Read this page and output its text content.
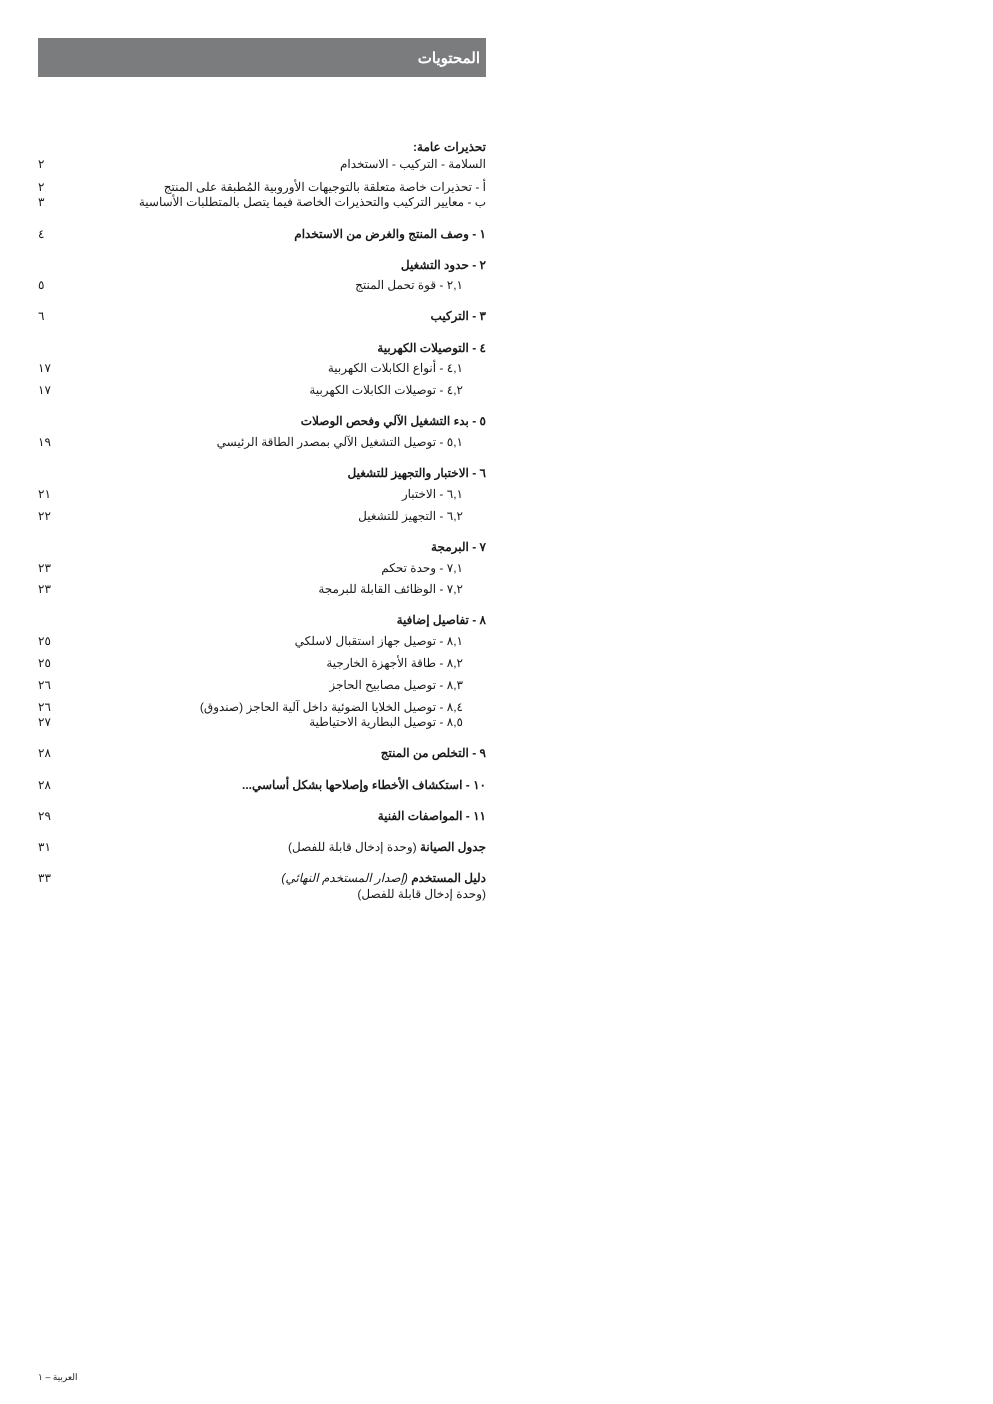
المحتويات
تحذيرات عامة:
السلامة - التركيب - الاستخدام
٢
أ - تحذيرات خاصة متعلقة بالتوجيهات الأوروبية المُطبقة على المنتج
٢
ب - معايير التركيب والتحذيرات الخاصة فيما يتصل بالمتطلبات الأساسية
٣
١ - وصف المنتج والغرض من الاستخدام
٤
٢ - حدود التشغيل
٢,١ - قوة تحمل المنتج
٥
٣ - التركيب
٦
٤ - التوصيلات الكهربية
٤,١ - أنواع الكابلات الكهربية
١٧
٤,٢ - توصيلات الكابلات الكهربية
١٧
٥ - بدء التشغيل الآلي وفحص الوصلات
٥,١ - توصيل التشغيل الآلي بمصدر الطاقة الرئيسي
١٩
٦ - الاختبار والتجهيز للتشغيل
٦,١ - الاختبار
٢١
٦,٢ - التجهيز للتشغيل
٢٢
٧ - البرمجة
٧,١ - وحدة تحكم
٢٣
٧,٢ - الوظائف القابلة للبرمجة
٢٣
٨ - تفاصيل إضافية
٨,١ - توصيل جهاز استقبال لاسلكي
٢٥
٨,٢ - طاقة الأجهزة الخارجية
٢٥
٨,٣ - توصيل مصابيح الحاجز
٢٦
٨,٤ - توصيل الخلايا الضوئية داخل آلية الحاجز (صندوق)
٢٦
٨,٥ - توصيل البطارية الاحتياطية
٢٧
٩ - التخلص من المنتج
٢٨
١٠ - استكشاف الأخطاء وإصلاحها بشكل أساسي...
٢٨
١١ - المواصفات الفنية
٢٩
جدول الصيانة (وحدة إدخال قابلة للفصل)
٣١
دليل المستخدم (إصدار المستخدم النهائي)
(وحدة إدخال قابلة للفصل)
٣٣
العربية – ١
